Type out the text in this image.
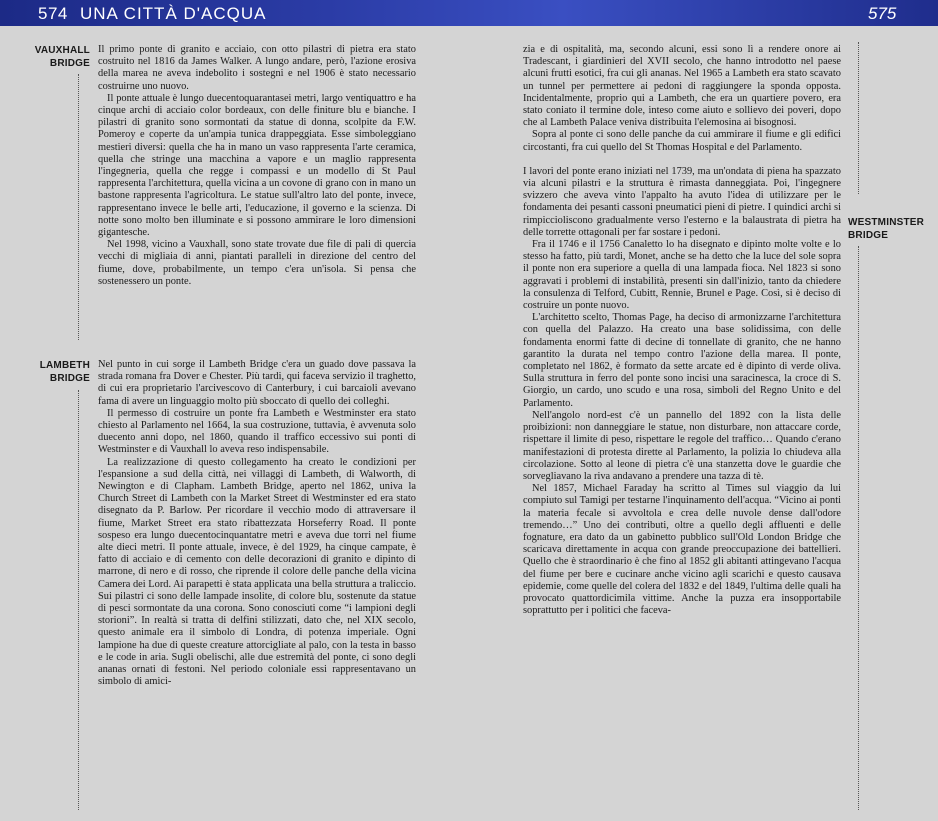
574 UNA CITTÀ D'ACQUA	575
VAUXHALL
BRIDGE

Il primo ponte di granito e acciaio, con otto pilastri di pietra era stato costruito nel 1816 da James Walker. A lungo andare, però, l'azione erosiva della marea ne aveva indebolito i sostegni e nel 1906 è stato necessario costruirne uno nuovo.

Il ponte attuale è lungo duecentoquarantasei metri, largo ventiquattro e ha cinque archi di acciaio color bordeaux, con delle finiture blu e bianche. I pilastri di granito sono sormontati da statue di donna, scolpite da F.W. Pomeroy e coperte da un'ampia tunica drappeggiata. Esse simboleggiano mestieri diversi: quella che ha in mano un vaso rappresenta l'arte ceramica, quella che stringe una macchina a vapore e un maglio rappresenta l'ingegneria, quella che regge i compassi e un modello di St Paul rappresenta l'architettura, quella vicina a un covone di grano con in mano un bastone rappresenta l'agricoltura. Le statue sull'altro lato del ponte, invece, rappresentano invece le belle arti, l'educazione, il governo e la scienza. Di notte sono molto ben illuminate e si possono ammirare le loro dimensioni gigantesche.

Nel 1998, vicino a Vauxhall, sono state trovate due file di pali di quercia vecchi di migliaia di anni, piantati paralleli in direzione del centro del fiume, dove, probabilmente, un tempo c'era un'isola. Si pensa che sostenessero un ponte.

LAMBETH
BRIDGE

Nel punto in cui sorge il Lambeth Bridge c'era un guado dove passava la strada romana fra Dover e Chester. Più tardi, qui faceva servizio il traghetto, di cui era proprietario l'arcivescovo di Canterbury, i cui barcaioli avevano fama di avere un linguaggio molto più sboccato di quello dei colleghi.

Il permesso di costruire un ponte fra Lambeth e Westminster era stato chiesto al Parlamento nel 1664, la sua costruzione, tuttavia, è avvenuta solo duecento anni dopo, nel 1860, quando il traffico eccessivo sui ponti di Westminster e di Vauxhall lo aveva reso indispensabile.

La realizzazione di questo collegamento ha creato le condizioni per l'espansione a sud della città, nei villaggi di Lambeth, di Walworth, di Newington e di Clapham. Lambeth Bridge, aperto nel 1862, univa la Church Street di Lambeth con la Market Street di Westminster ed era stato disegnato da P. Barlow. Per ricordare il vecchio modo di attraversare il fiume, Market Street era stato ribattezzata Horseferry Road. Il ponte sospeso era lungo duecentocinquantatre metri e aveva due torri nel fiume alte dieci metri. Il ponte attuale, invece, è del 1929, ha cinque campate, è fatto di acciaio e di cemento con delle decorazioni di granito e dipinto di marrone, di nero e di rosso, che riprende il colore delle panche della vicina Camera dei Lord. Ai parapetti è stata applicata una bella struttura a traliccio. Sui pilastri ci sono delle lampade insolite, di colore blu, sostenute da statue di pesci sormontate da una corona. Sono conosciuti come “i lampioni degli storioni”. In realtà si tratta di delfini stilizzati, dato che, nel XIX secolo, questo animale era il simbolo di Londra, di potenza imperiale. Ogni lampione ha due di queste creature attorcigliate al palo, con la testa in basso e le code in aria. Sugli obelischi, alle due estremità del ponte, ci sono degli ananas ornati di festoni. Nel periodo coloniale essi rappresentavano un simbolo di amici-

zia e di ospitalità, ma, secondo alcuni, essi sono lì a rendere onore ai Tradescant, i giardinieri del XVII secolo, che hanno introdotto nel paese alcuni frutti esotici, fra cui gli ananas. Nel 1965 a Lambeth era stato scavato un tunnel per permettere ai pedoni di raggiungere la sponda opposta. Incidentalmente, proprio qui a Lambeth, che era un quartiere povero, era stato coniato il termine dole, inteso come aiuto e sollievo dei poveri, dopo che al Lambeth Palace veniva distribuita l'elemosina ai bisognosi.

Sopra al ponte ci sono delle panche da cui ammirare il fiume e gli edifici circostanti, fra cui quello del St Thomas Hospital e del Parlamento.

I lavori del ponte erano iniziati nel 1739, ma un'ondata di piena ha spazzato via alcuni pilastri e la struttura è rimasta danneggiata. Poi, l'ingegnere svizzero che aveva vinto l'appalto ha avuto l'idea di utilizzare per le fondamenta dei pesanti cassoni pneumatici pieni di pietre. I quindici archi si rimpiccioliscono gradualmente verso l'esterno e la balaustrata di pietra ha delle torrette ottagonali per far sostare i pedoni.

Fra il 1746 e il 1756 Canaletto lo ha disegnato e dipinto molte volte e lo stesso ha fatto, più tardi, Monet, anche se ha detto che la luce del sole sopra il ponte non era superiore a quella di una lampada fioca. Nel 1823 si sono aggravati i problemi di instabilità, presenti sin dall'inizio, tanto da chiedere la consulenza di Telford, Cubitt, Rennie, Brunel e Page. Così, si è deciso di costruire un ponte nuovo.

L'architetto scelto, Thomas Page, ha deciso di armonizzarne l'architettura con quella del Palazzo. Ha creato una base solidissima, con delle fondamenta enormi fatte di decine di tonnellate di granito, che ne hanno garantito la durata nel tempo contro l'azione della marea. Il ponte, completato nel 1862, è formato da sette arcate ed è dipinto di verde oliva. Sulla struttura in ferro del ponte sono incisi una saracinesca, la croce di S. Giorgio, un cardo, uno scudo e una rosa, simboli del Regno Unito e del Parlamento.

Nell'angolo nord-est c'è un pannello del 1892 con la lista delle proibizioni: non danneggiare le statue, non disturbare, non attaccare corde, rispettare il limite di peso, rispettare le regole del traffico… Quando c'erano manifestazioni di protesta dirette al Parlamento, la polizia lo chiudeva alla circolazione. Sotto al leone di pietra c'è una stanzetta dove le guardie che sorvegliavano la riva andavano a prendere una tazza di tè.

Nel 1857, Michael Faraday ha scritto al Times sul viaggio da lui compiuto sul Tamigi per testarne l'inquinamento dell'acqua. “Vicino ai ponti la materia fecale si avvoltola e crea delle nuvole dense dall'odore tremendo…” Uno dei contributi, oltre a quello degli affluenti e delle fognature, era dato da un gabinetto pubblico sull'Old London Bridge che scaricava direttamente in acqua con grande preoccupazione dei battellieri. Quello che è straordinario è che fino al 1852 gli abitanti attingevano l'acqua del fiume per bere e cucinare anche vicino agli scarichi e questo causava epidemie, come quelle del colera del 1832 e del 1849, l'ultima delle quali ha provocato quattordicimila vittime. Anche la puzza era insopportabile soprattutto per i politici che faceva-

WESTMINSTER
BRIDGE
